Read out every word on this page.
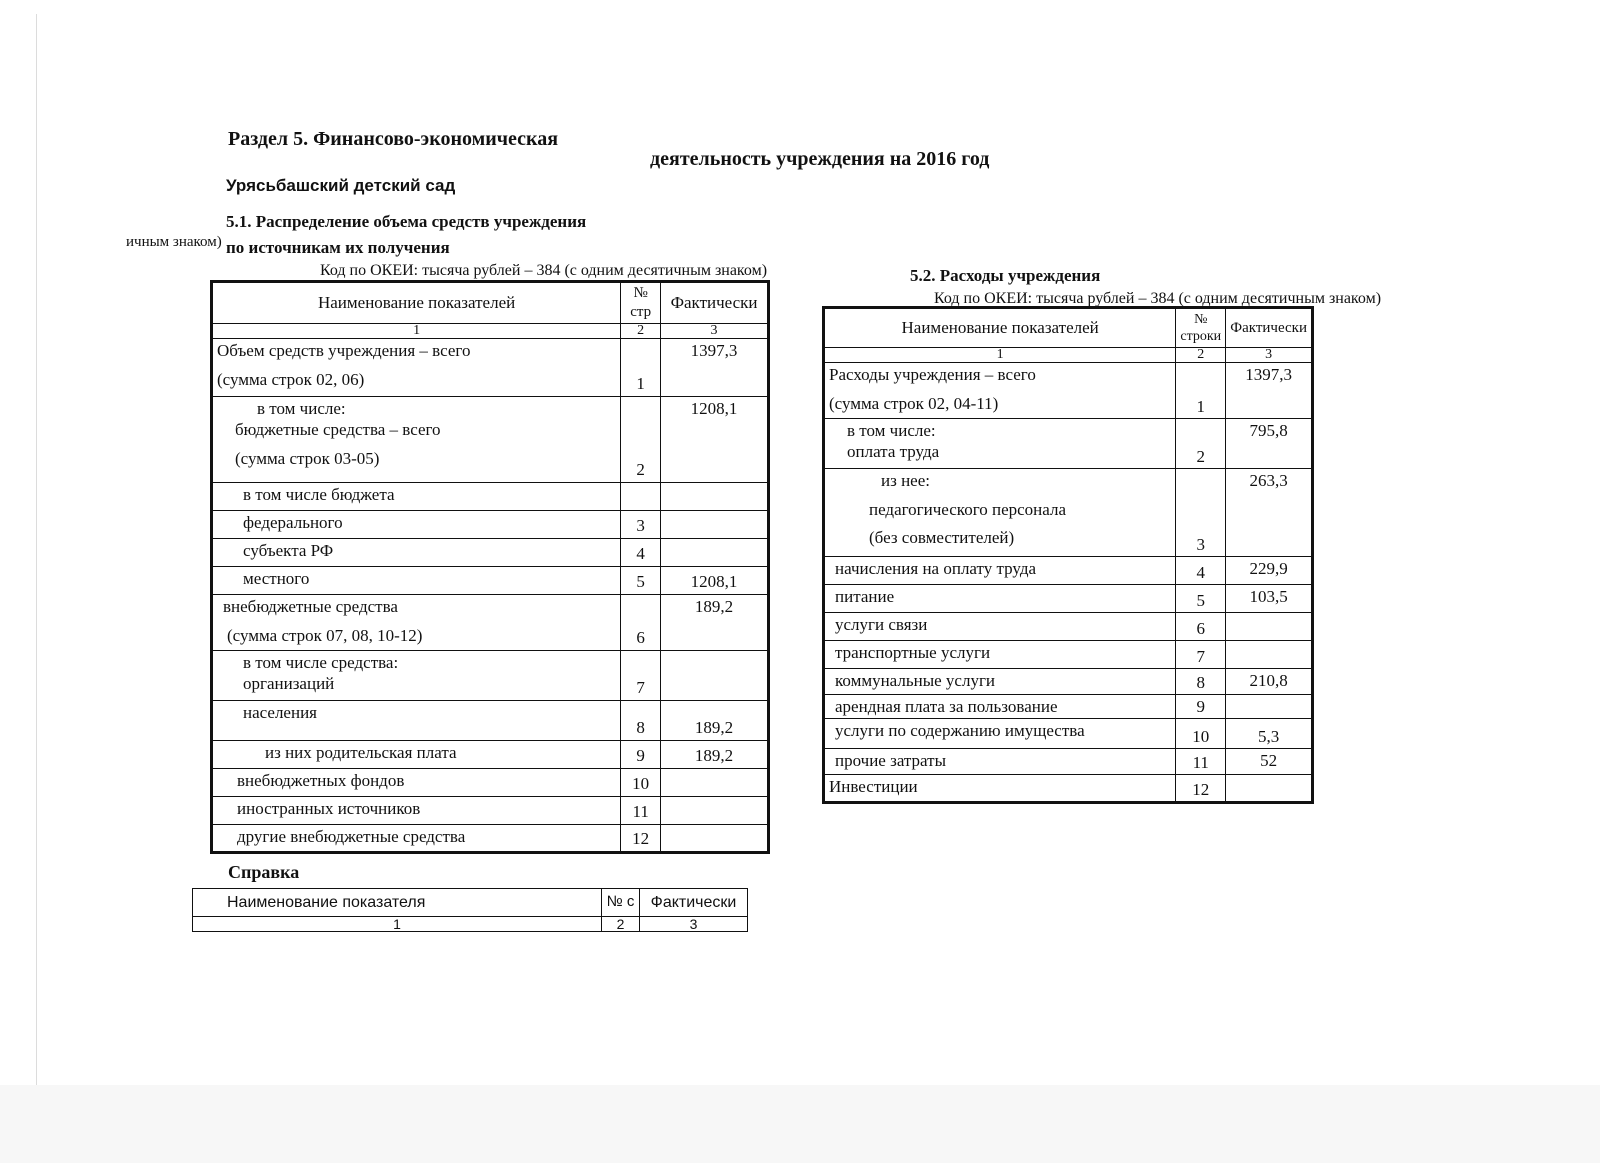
Раздел 5. Финансово-экономическая
деятельность учреждения на 2016 год
Урясьбашский детский сад
5.1. Распределение объема средств учреждения
по источникам их получения
ичным знаком)
Код по ОКЕИ: тысяча рублей – 384 (с одним десятичным знаком)
Наименование показателей	№ стр	Фактически
1	2	3

Объем средств учреждения – всего
(сумма строк 02, 06)	1	1397,3

в том числе:
бюджетные средства – всего
(сумма строк 03-05)	2	1208,1

в том числе бюджета		

федерального	3	

субъекта РФ	4	

местного	5	1208,1

внебюджетные средства
(сумма строк 07, 08, 10-12)	6	189,2

в том числе средства:
организаций	7	

населения	8	189,2

из них родительская плата	9	189,2

внебюджетных фондов	10	

иностранных источников	11	

другие внебюджетные средства	12	
Справка
Наименование показателя	№ с	Фактически
1	2	3
5.2. Расходы учреждения
Код по ОКЕИ: тысяча рублей – 384 (с одним десятичным знаком)
Наименование показателей	№ строки	Фактически
1	2	3

Расходы учреждения – всего
(сумма строк 02, 04-11)	1	1397,3

в том числе:
оплата труда	2	795,8

из нее:
педагогического персонала
(без совместителей)	3	263,3

начисления на оплату труда	4	229,9

питание	5	103,5

услуги связи	6	

транспортные услуги	7	

коммунальные услуги	8	210,8

арендная плата за пользование	9	

услуги по содержанию имущества	10	5,3

прочие затраты	11	52

Инвестиции	12	
